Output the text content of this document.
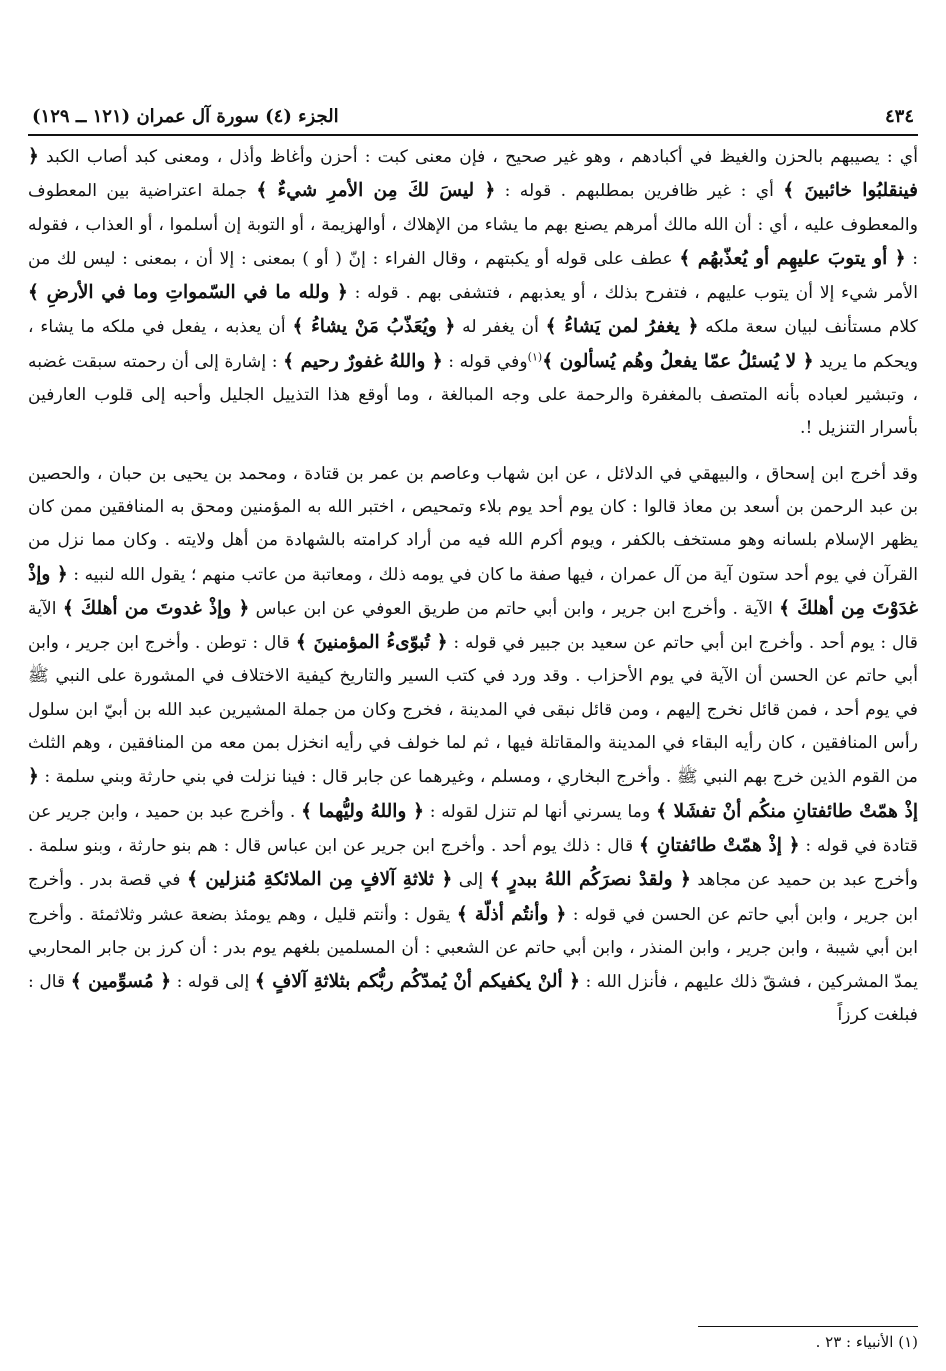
٤٣٤
الجزء (٤) سورة آل عمران (١٢١ ــ ١٢٩)

أي : يصيبهم بالحزن والغيظ في أكبادهم ، وهو غير صحيح ، فإن معنى كبت : أحزن وأغاظ وأذل ، ومعنى كبد أصاب الكبد ﴿ فينقلبُوا خائبينَ ﴾ أي : غير ظافرين بمطلبهم . قوله : ﴿ ليسَ لكَ مِن الأمرِ شيءٌ ﴾ جملة اعتراضية بين المعطوف والمعطوف عليه ، أي : أن الله مالك أمرهم يصنع بهم ما يشاء من الإهلاك ، أوالهزيمة ، أو التوبة إن أسلموا ، أو العذاب ، فقوله : ﴿ أو يتوبَ عليهِم أو يُعذّبهُم ﴾ عطف على قوله أو يكبتهم ، وقال الفراء : إنّ ( أو ) بمعنى : إلا أن ، بمعنى : ليس لك من الأمر شيء إلا أن يتوب عليهم ، فتفرح بذلك ، أو يعذبهم ، فتشفى بهم . قوله : ﴿ ولله ما في السّمواتِ وما في الأرضِ ﴾ كلام مستأنف لبيان سعة ملكه ﴿ يغفرُ لمن يَشاءُ ﴾ أن يغفر له ﴿ ويُعَذّبُ مَنْ يشاءُ ﴾ أن يعذبه ، يفعل في ملكه ما يشاء ، ويحكم ما يريد ﴿ لا يُسئلُ عمّا يفعلُ وهُم يُسألون ﴾$^{(١)}$وفي قوله : ﴿ واللهُ غفورٌ رحيم ﴾ : إشارة إلى أن رحمته سبقت غضبه ، وتبشير لعباده بأنه المتصف بالمغفرة والرحمة على وجه المبالغة ، وما أوقع هذا التذييل الجليل وأحبه إلى قلوب العارفين بأسرار التنزيل !.

وقد أخرج ابن إسحاق ، والبيهقي في الدلائل ، عن ابن شهاب وعاصم بن عمر بن قتادة ، ومحمد بن يحيى بن حبان ، والحصين بن عبد الرحمن بن أسعد بن معاذ قالوا : كان يوم أحد يوم بلاء وتمحيص ، اختبر الله به المؤمنين ومحق به المنافقين ممن كان يظهر الإسلام بلسانه وهو مستخف بالكفر ، ويوم أكرم الله فيه من أراد كرامته بالشهادة من أهل ولايته . وكان مما نزل من القرآن في يوم أحد ستون آية من آل عمران ، فيها صفة ما كان في يومه ذلك ، ومعاتبة من عاتب منهم ؛ يقول الله لنبيه : ﴿ وإذْ غدَوْتَ مِن أهلكَ ﴾ الآية . وأخرج ابن جرير ، وابن أبي حاتم من طريق العوفي عن ابن عباس ﴿ وإذْ غدوتَ من أهلكَ ﴾ الآية قال : يوم أحد . وأخرج ابن أبي حاتم عن سعيد بن جبير في قوله : ﴿ تُبوّىءُ المؤمنينَ ﴾ قال : توطن . وأخرج ابن جرير ، وابن أبي حاتم عن الحسن أن الآية في يوم الأحزاب . وقد ورد في كتب السير والتاريخ كيفية الاختلاف في المشورة على النبي ﷺ في يوم أحد ، فمن قائل نخرج إليهم ، ومن قائل نبقى في المدينة ، فخرج وكان من جملة المشيرين عبد الله بن أبيّ ابن سلول رأس المنافقين ، كان رأيه البقاء في المدينة والمقاتلة فيها ، ثم لما خولف في رأيه انخزل بمن معه من المنافقين ، وهم الثلث من القوم الذين خرج بهم النبي ﷺ . وأخرج البخاري ، ومسلم ، وغيرهما عن جابر قال : فينا نزلت في بني حارثة وبني سلمة : ﴿ إذْ همّتْ طائفتانِ منكُم أنْ تفشَلا ﴾ وما يسرني أنها لم تنزل لقوله : ﴿ واللهُ وليُّهما ﴾ . وأخرج عبد بن حميد ، وابن جرير عن قتادة في قوله : ﴿ إذْ همّتْ طائفتانِ ﴾ قال : ذلك يوم أحد . وأخرج ابن جرير عن ابن عباس قال : هم بنو حارثة ، وبنو سلمة . وأخرج عبد بن حميد عن مجاهد ﴿ ولقدْ نصرَكُم اللهُ ببدرٍ ﴾ إلى ﴿ ثلاثةِ آلافٍ مِن الملائكةِ مُنزلين ﴾ في قصة بدر . وأخرج ابن جرير ، وابن أبي حاتم عن الحسن في قوله : ﴿ وأنتُم أذلّة ﴾ يقول : وأنتم قليل ، وهم يومئذ بضعة عشر وثلاثمئة . وأخرج ابن أبي شيبة ، وابن جرير ، وابن المنذر ، وابن أبي حاتم عن الشعبي : أن المسلمين بلغهم يوم بدر : أن كرز بن جابر المحاربي يمدّ المشركين ، فشقّ ذلك عليهم ، فأنزل الله : ﴿ ألنْ يكفيكم أنْ يُمدّكُم ربُّكم بثلاثةِ آلافٍ ﴾ إلى قوله : ﴿ مُسوِّمين ﴾ قال : فبلغت كرزاً

(١) الأنبياء : ٢٣ .
